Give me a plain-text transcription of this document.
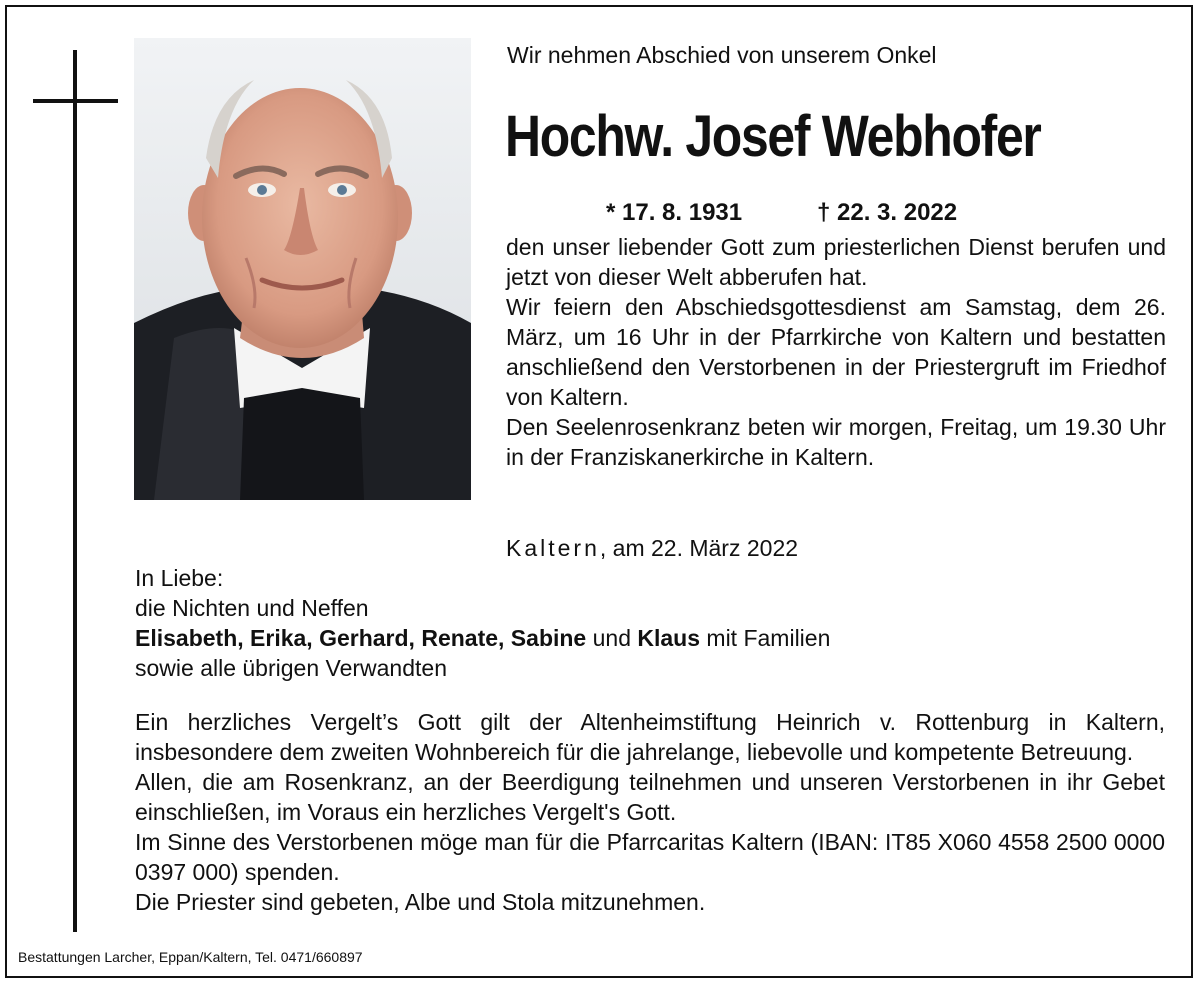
Wir nehmen Abschied von unserem Onkel
Hochw. Josef Webhofer
* 17. 8. 1931	† 22. 3. 2022

den unser liebender Gott zum priesterlichen Dienst berufen und jetzt von dieser Welt abberufen hat.

Wir feiern den Abschiedsgottesdienst am Samstag, dem 26. März, um 16 Uhr in der Pfarrkirche von Kaltern und bestatten anschließend den Verstorbenen in der Priestergruft im Friedhof von Kaltern.

Den Seelenrosenkranz beten wir morgen, Freitag, um 19.30 Uhr in der Franziskanerkirche in Kaltern.

Kaltern, am 22. März 2022
In Liebe:
die Nichten und Neffen
Elisabeth, Erika, Gerhard, Renate, Sabine und Klaus mit Familien
sowie alle übrigen Verwandten

Ein herzliches Vergelt’s Gott gilt der Altenheimstiftung Heinrich v. Rottenburg in Kaltern, insbesondere dem zweiten Wohnbereich für die jahrelange, liebevolle und kompetente Betreuung.

Allen, die am Rosenkranz, an der Beerdigung teilnehmen und unseren Verstorbenen in ihr Gebet einschließen, im Voraus ein herzliches Vergelt's Gott.

Im Sinne des Verstorbenen möge man für die Pfarrcaritas Kaltern (IBAN: IT85 X060 4558 2500 0000 0397 000) spenden.

Die Priester sind gebeten, Albe und Stola mitzunehmen.

Bestattungen Larcher, Eppan/Kaltern, Tel. 0471/660897
